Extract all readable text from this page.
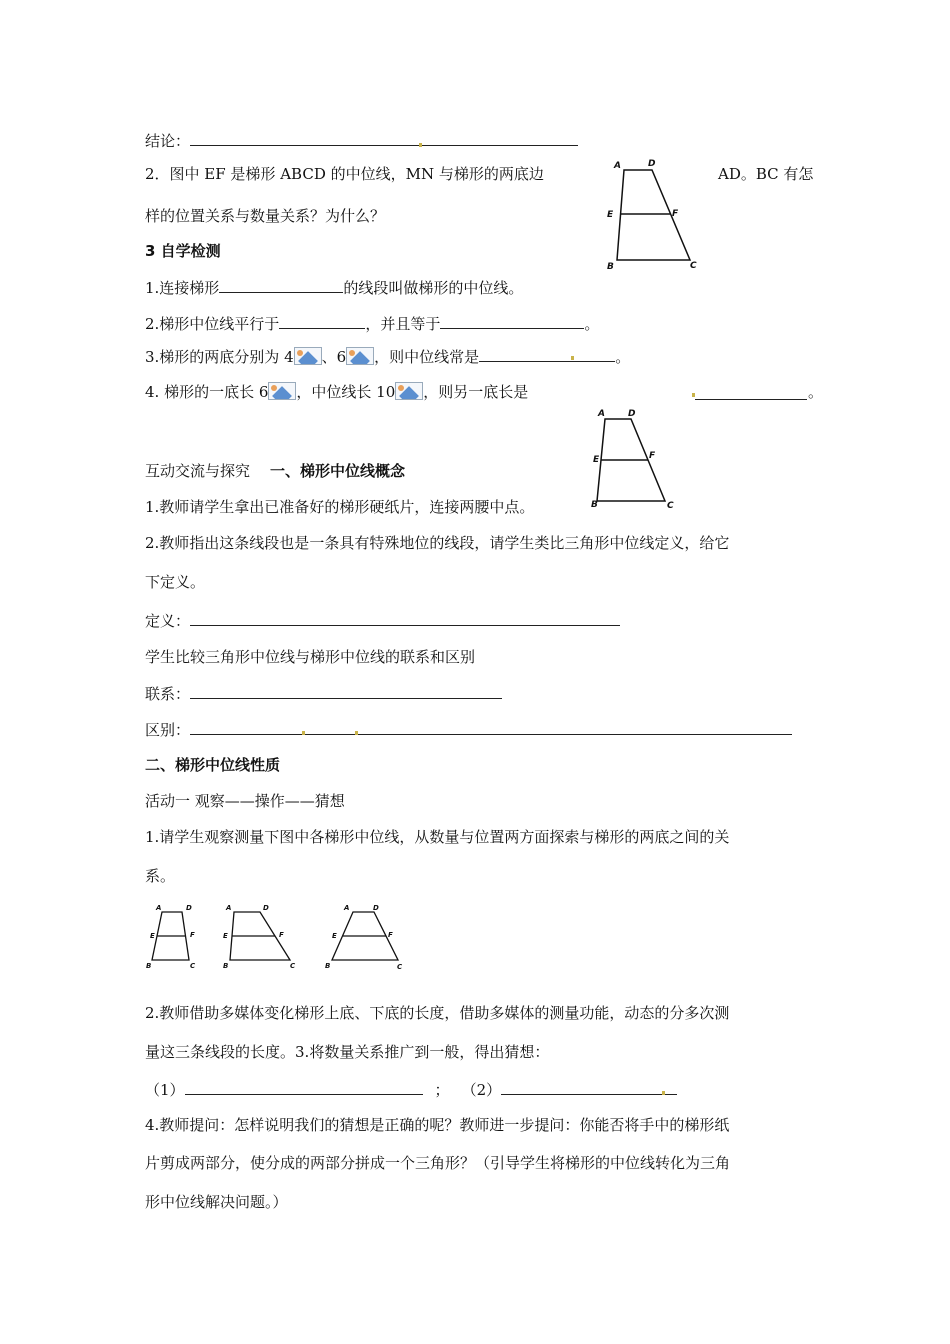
结论：
2．图中 EF 是梯形 ABCD 的中位线，MN 与梯形的两底边	AD。BC 有怎
样的位置关系与数量关系？为什么？
A	D
E	F
B	C
3 自学检测
1.连接梯形	的线段叫做梯形的中位线。
2.梯形中位线平行于	，并且等于	。
3.梯形的两底分别为 4 、6 ，则中位线常是	。
4. 梯形的一底长 6 ，中位线长 10 ，则另一底长是	。
A	D
E	F
B	C
互动交流与探究 一、梯形中位线概念
1.教师请学生拿出已准备好的梯形硬纸片，连接两腰中点。
2.教师指出这条线段也是一条具有特殊地位的线段，请学生类比三角形中位线定义，给它
下定义。
定义：
学生比较三角形中位线与梯形中位线的联系和区别
联系：
区别：
二、梯形中位线性质
活动一 观察——操作——猜想
1.请学生观察测量下图中各梯形中位线，从数量与位置两方面探索与梯形的两底之间的关
系。
A	D
E	F
B	C
A	D
E	F
B	C
A	D
E	F
B	C
2.教师借助多媒体变化梯形上底、下底的长度，借助多媒体的测量功能，动态的分多次测
量这三条线段的长度。3.将数量关系推广到一般，得出猜想：
（1）	； （2）
4.教师提问：怎样说明我们的猜想是正确的呢？教师进一步提问：你能否将手中的梯形纸
片剪成两部分，使分成的两部分拼成一个三角形？（引导学生将梯形的中位线转化为三角
形中位线解决问题。）
